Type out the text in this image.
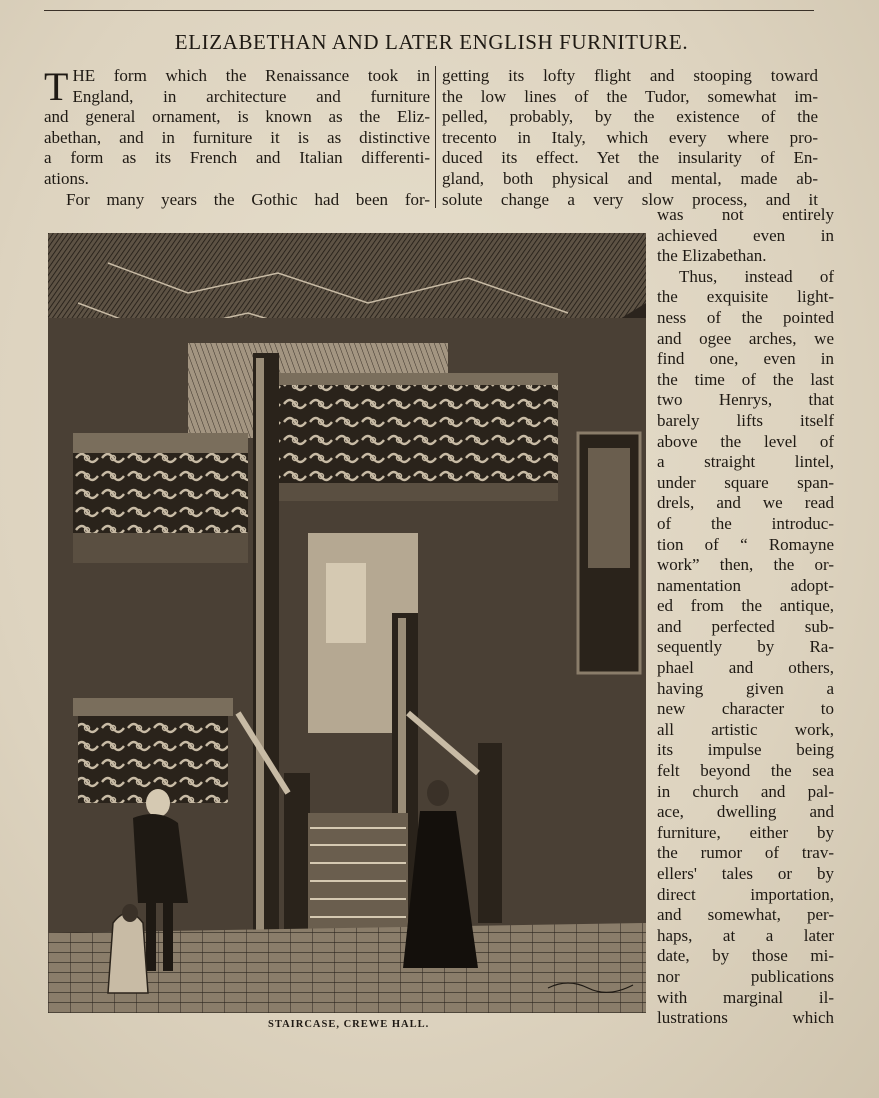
ELIZABETHAN AND LATER ENGLISH FURNITURE.

T HE form which the Renaissance took in
England, in architecture and furniture
and general ornament, is known as the Eliz-
abethan, and in furniture it is as distinctive
a form as its French and Italian differenti-
ations.

For many years the Gothic had been for-

getting its lofty flight and stooping toward
the low lines of the Tudor, somewhat im-
pelled, probably, by the existence of the
trecento in Italy, which every where pro-
duced its effect. Yet the insularity of En-
gland, both physical and mental, made ab-
solute change a very slow process, and it

was not entirely
achieved even in
the Elizabethan.

Thus, instead of
the exquisite light-
ness of the pointed
and ogee arches, we
find one, even in
the time of the last
two Henrys, that
barely lifts itself
above the level of
a straight lintel,
under square span-
drels, and we read
of the introduc-
tion of “ Romayne
work” then, the or-
namentation adopt-
ed from the antique,
and perfected sub-
sequently by Ra-
phael and others,
having given a
new character to
all artistic work,
its impulse being
felt beyond the sea
in church and pal-
ace, dwelling and
furniture, either by
the rumor of trav-
ellers' tales or by
direct importation,
and somewhat, per-
haps, at a later
date, by those mi-
nor publications
with marginal il-
lustrations which

STAIRCASE, CREWE HALL.
